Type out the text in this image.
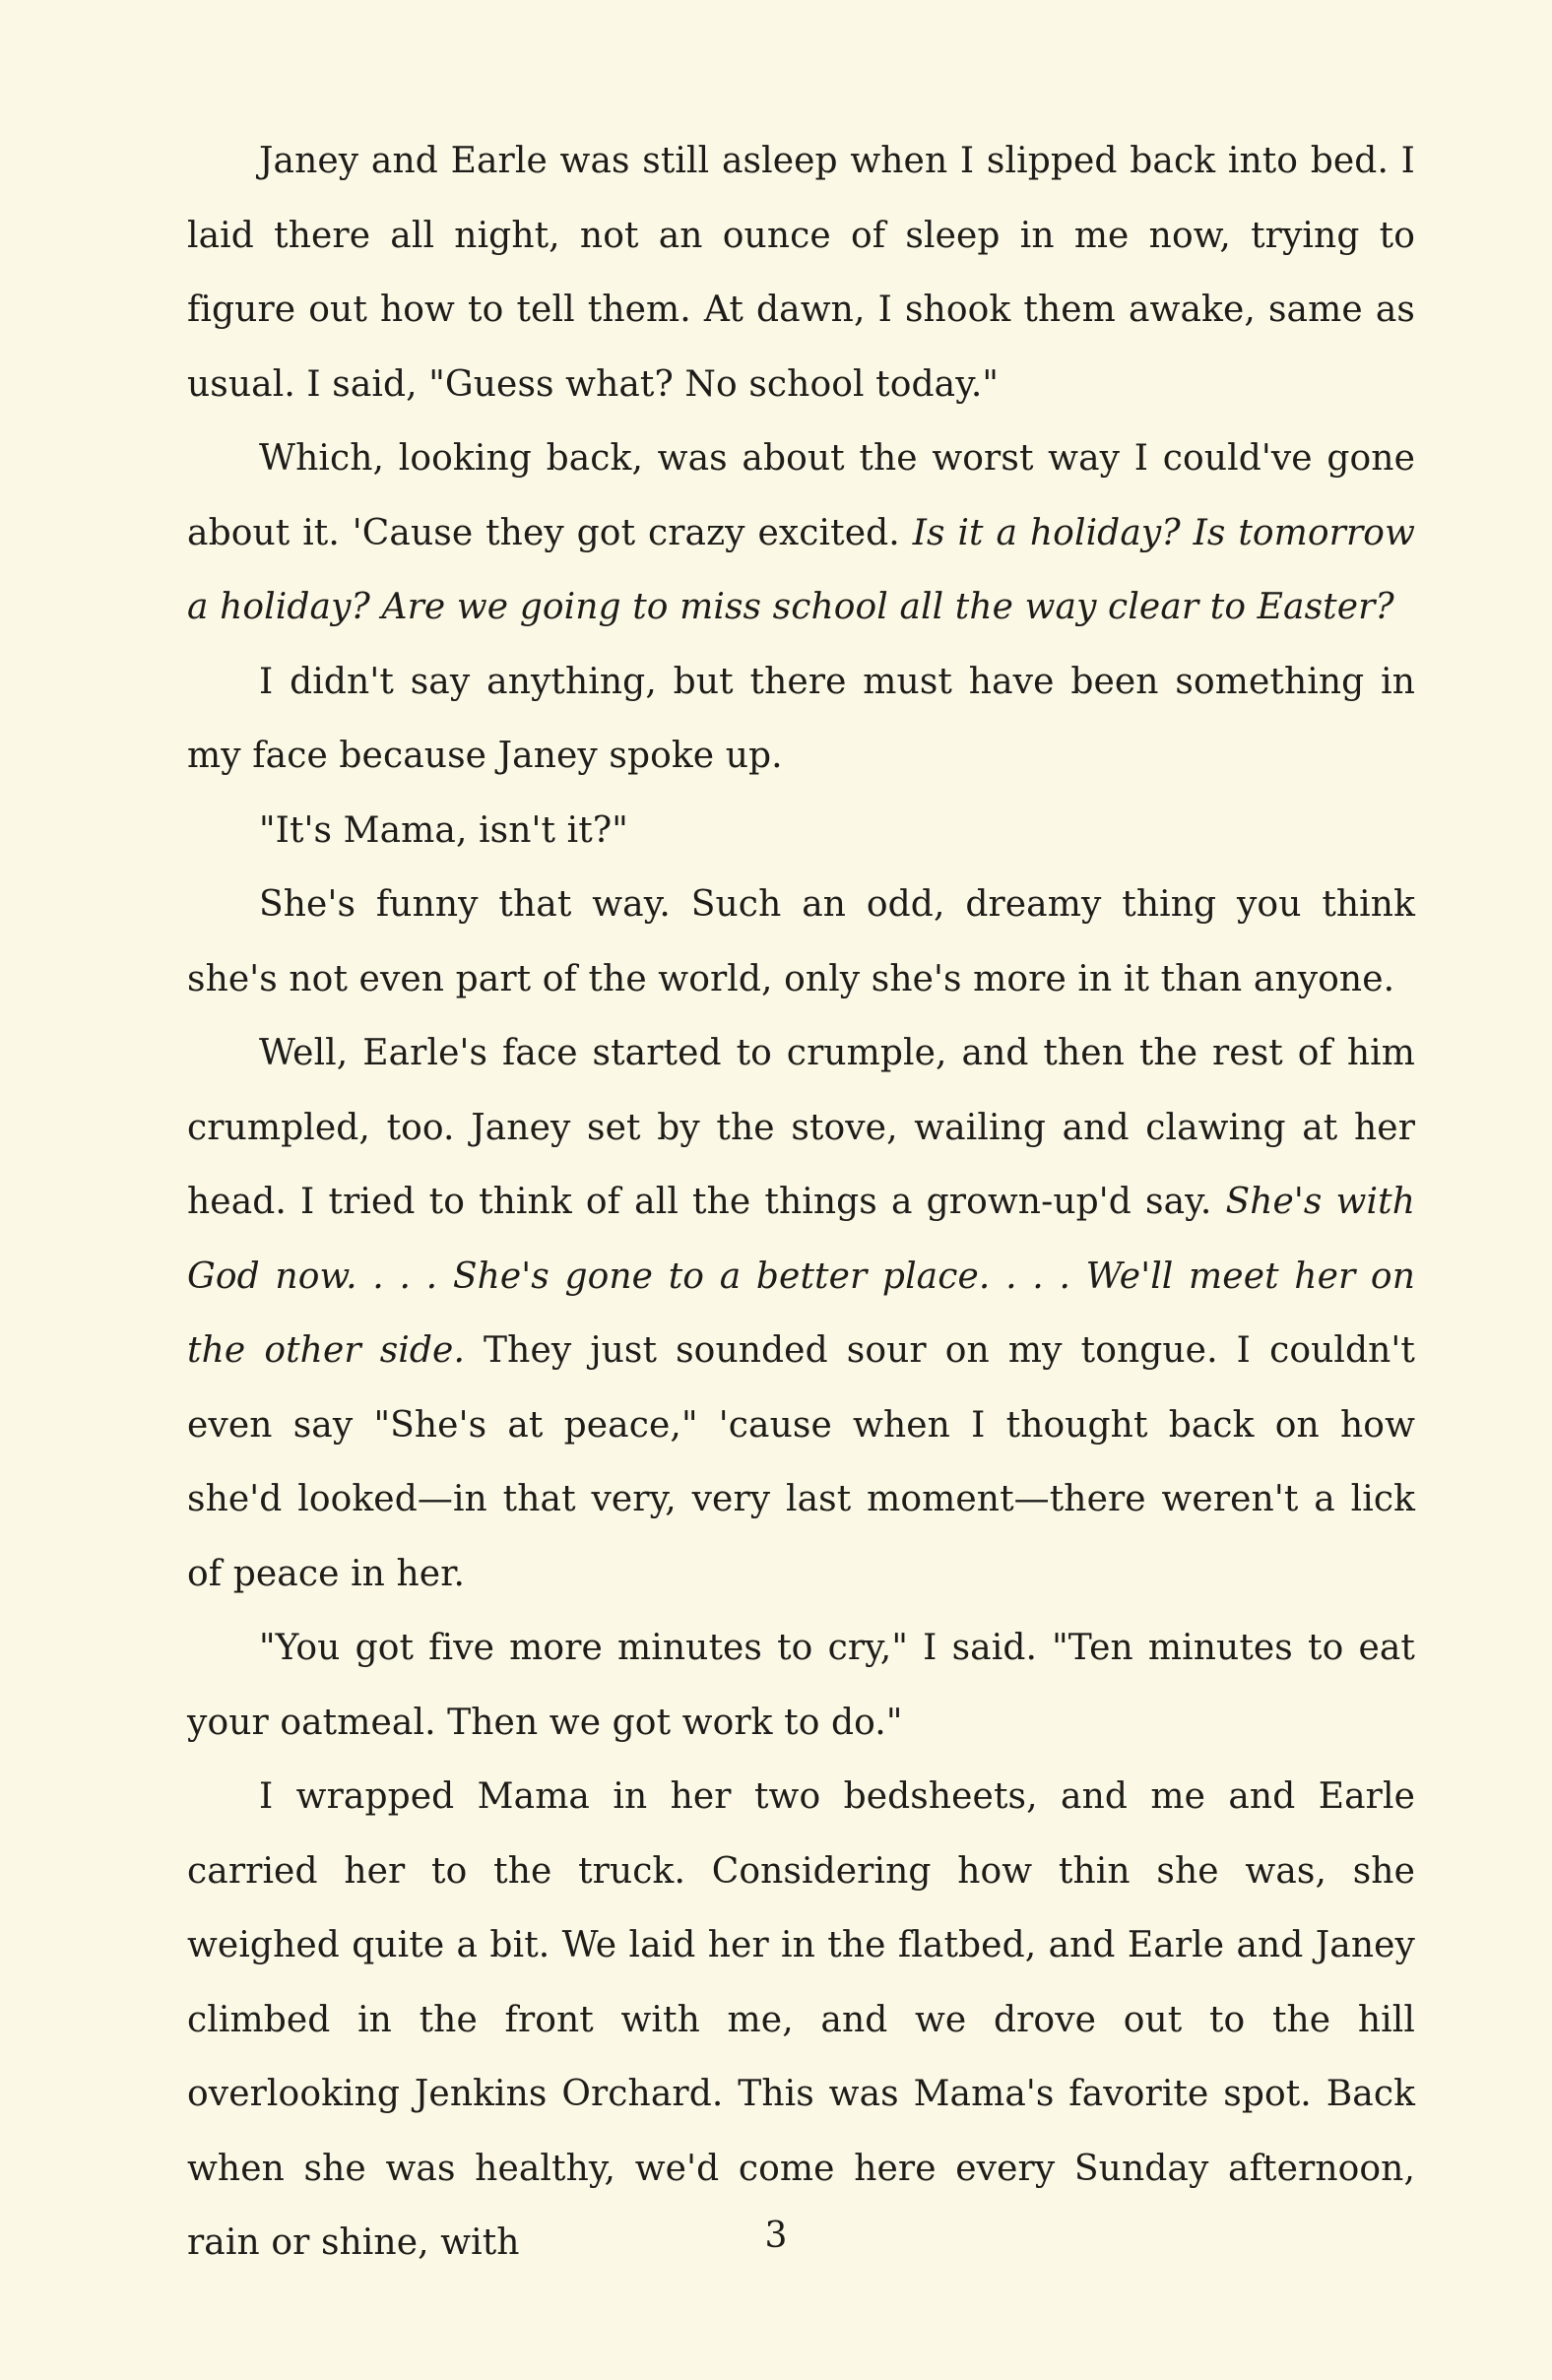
Janey and Earle was still asleep when I slipped back into bed. I laid there all night, not an ounce of sleep in me now, trying to figure out how to tell them. At dawn, I shook them awake, same as usual. I said, "Guess what? No school today."

Which, looking back, was about the worst way I could've gone about it. 'Cause they got crazy excited. Is it a holiday? Is tomorrow a holiday? Are we going to miss school all the way clear to Easter?

I didn't say anything, but there must have been something in my face because Janey spoke up.

"It's Mama, isn't it?"

She's funny that way. Such an odd, dreamy thing you think she's not even part of the world, only she's more in it than anyone.

Well, Earle's face started to crumple, and then the rest of him crumpled, too. Janey set by the stove, wailing and clawing at her head. I tried to think of all the things a grown-up'd say. She's with God now. . . . She's gone to a better place. . . . We'll meet her on the other side. They just sounded sour on my tongue. I couldn't even say "She's at peace," 'cause when I thought back on how she'd looked—in that very, very last moment—there weren't a lick of peace in her.

"You got five more minutes to cry," I said. "Ten minutes to eat your oatmeal. Then we got work to do."

I wrapped Mama in her two bedsheets, and me and Earle carried her to the truck. Considering how thin she was, she weighed quite a bit. We laid her in the flatbed, and Earle and Janey climbed in the front with me, and we drove out to the hill overlooking Jenkins Orchard. This was Mama's favorite spot. Back when she was healthy, we'd come here every Sunday afternoon, rain or shine, with	3
